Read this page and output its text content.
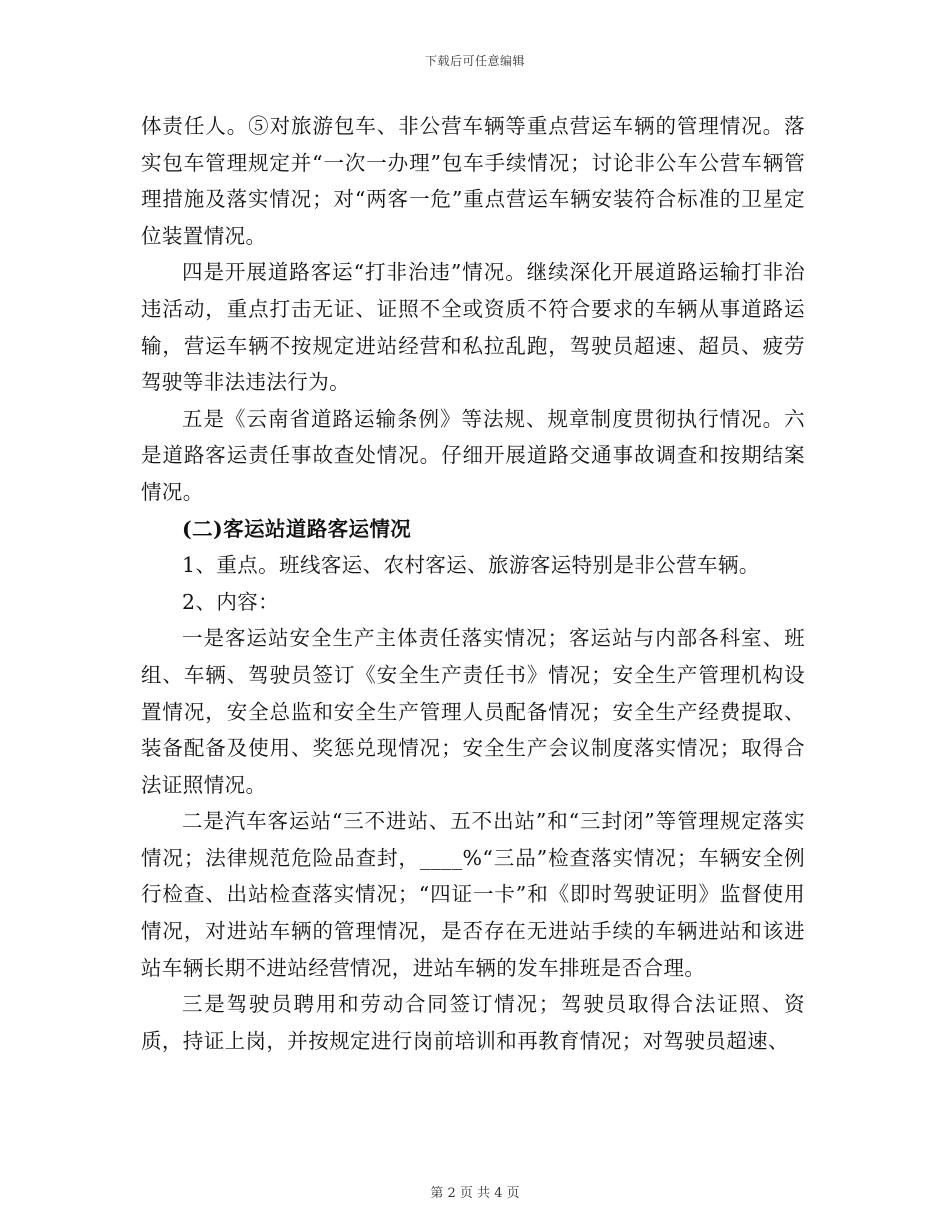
下载后可任意编辑

体责任人。⑤对旅游包车、非公营车辆等重点营运车辆的管理情况。落实包车管理规定并“一次一办理”包车手续情况；讨论非公车公营车辆管理措施及落实情况；对“两客一危”重点营运车辆安装符合标准的卫星定位装置情况。

四是开展道路客运“打非治违”情况。继续深化开展道路运输打非治违活动，重点打击无证、证照不全或资质不符合要求的车辆从事道路运输，营运车辆不按规定进站经营和私拉乱跑，驾驶员超速、超员、疲劳驾驶等非法违法行为。

五是《云南省道路运输条例》等法规、规章制度贯彻执行情况。六是道路客运责任事故查处情况。仔细开展道路交通事故调查和按期结案情况。

(二)客运站道路客运情况

1、重点。班线客运、农村客运、旅游客运特别是非公营车辆。

2、内容：

一是客运站安全生产主体责任落实情况；客运站与内部各科室、班组、车辆、驾驶员签订《安全生产责任书》情况；安全生产管理机构设置情况，安全总监和安全生产管理人员配备情况；安全生产经费提取、装备配备及使用、奖惩兑现情况；安全生产会议制度落实情况；取得合法证照情况。

二是汽车客运站“三不进站、五不出站”和“三封闭”等管理规定落实情况；法律规范危险品查封，____%“三品”检查落实情况；车辆安全例行检查、出站检查落实情况；“四证一卡”和《即时驾驶证明》监督使用情况，对进站车辆的管理情况，是否存在无进站手续的车辆进站和该进站车辆长期不进站经营情况，进站车辆的发车排班是否合理。

三是驾驶员聘用和劳动合同签订情况；驾驶员取得合法证照、资质，持证上岗，并按规定进行岗前培训和再教育情况；对驾驶员超速、

第 2 页 共 4 页
